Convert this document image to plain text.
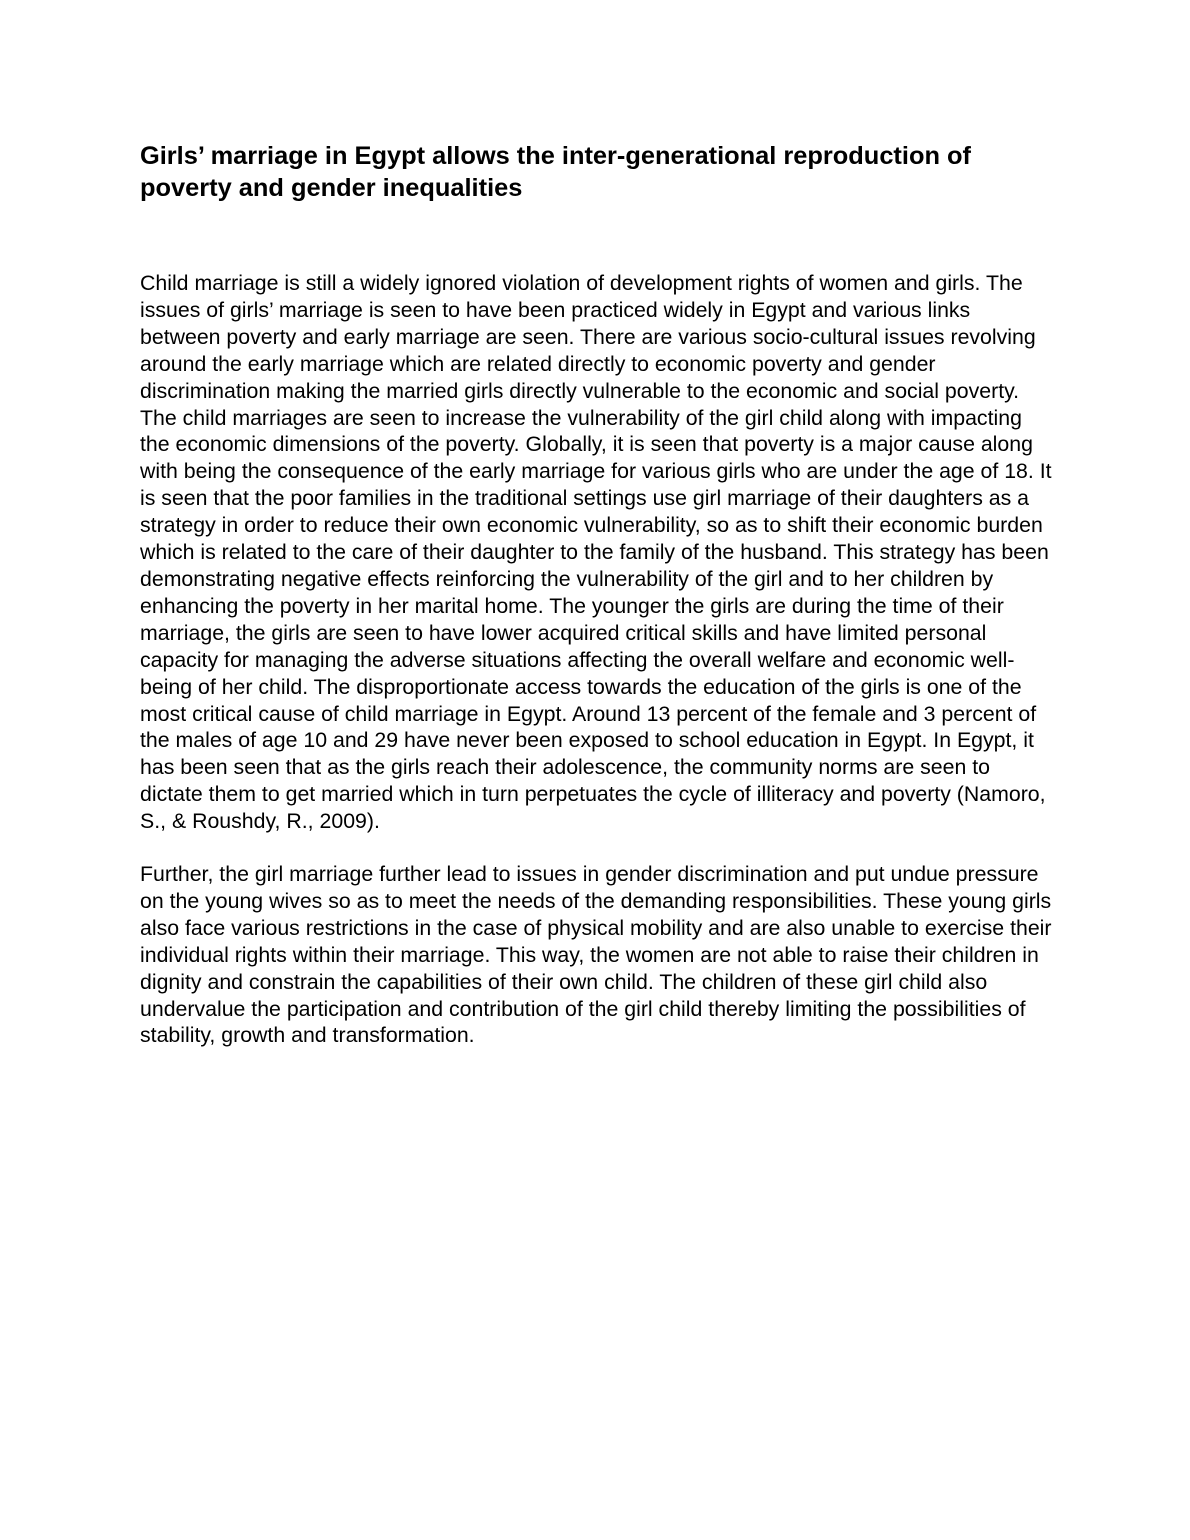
Girls’ marriage in Egypt allows the inter-generational reproduction of poverty and gender inequalities

Child marriage is still a widely ignored violation of development rights of women and girls. The issues of girls’ marriage is seen to have been practiced widely in Egypt and various links between poverty and early marriage are seen. There are various socio-cultural issues revolving around the early marriage which are related directly to economic poverty and gender discrimination making the married girls directly vulnerable to the economic and social poverty. The child marriages are seen to increase the vulnerability of the girl child along with impacting the economic dimensions of the poverty. Globally, it is seen that poverty is a major cause along with being the consequence of the early marriage for various girls who are under the age of 18. It is seen that the poor families in the traditional settings use girl marriage of their daughters as a strategy in order to reduce their own economic vulnerability, so as to shift their economic burden which is related to the care of their daughter to the family of the husband. This strategy has been demonstrating negative effects reinforcing the vulnerability of the girl and to her children by enhancing the poverty in her marital home. The younger the girls are during the time of their marriage, the girls are seen to have lower acquired critical skills and have limited personal capacity for managing the adverse situations affecting the overall welfare and economic well-being of her child. The disproportionate access towards the education of the girls is one of the most critical cause of child marriage in Egypt. Around 13 percent of the female and 3 percent of the males of age 10 and 29 have never been exposed to school education in Egypt. In Egypt, it has been seen that as the girls reach their adolescence, the community norms are seen to dictate them to get married which in turn perpetuates the cycle of illiteracy and poverty (Namoro, S., & Roushdy, R., 2009).

Further, the girl marriage further lead to issues in gender discrimination and put undue pressure on the young wives so as to meet the needs of the demanding responsibilities. These young girls also face various restrictions in the case of physical mobility and are also unable to exercise their individual rights within their marriage. This way, the women are not able to raise their children in dignity and constrain the capabilities of their own child. The children of these girl child also undervalue the participation and contribution of the girl child thereby limiting the possibilities of stability, growth and transformation.
